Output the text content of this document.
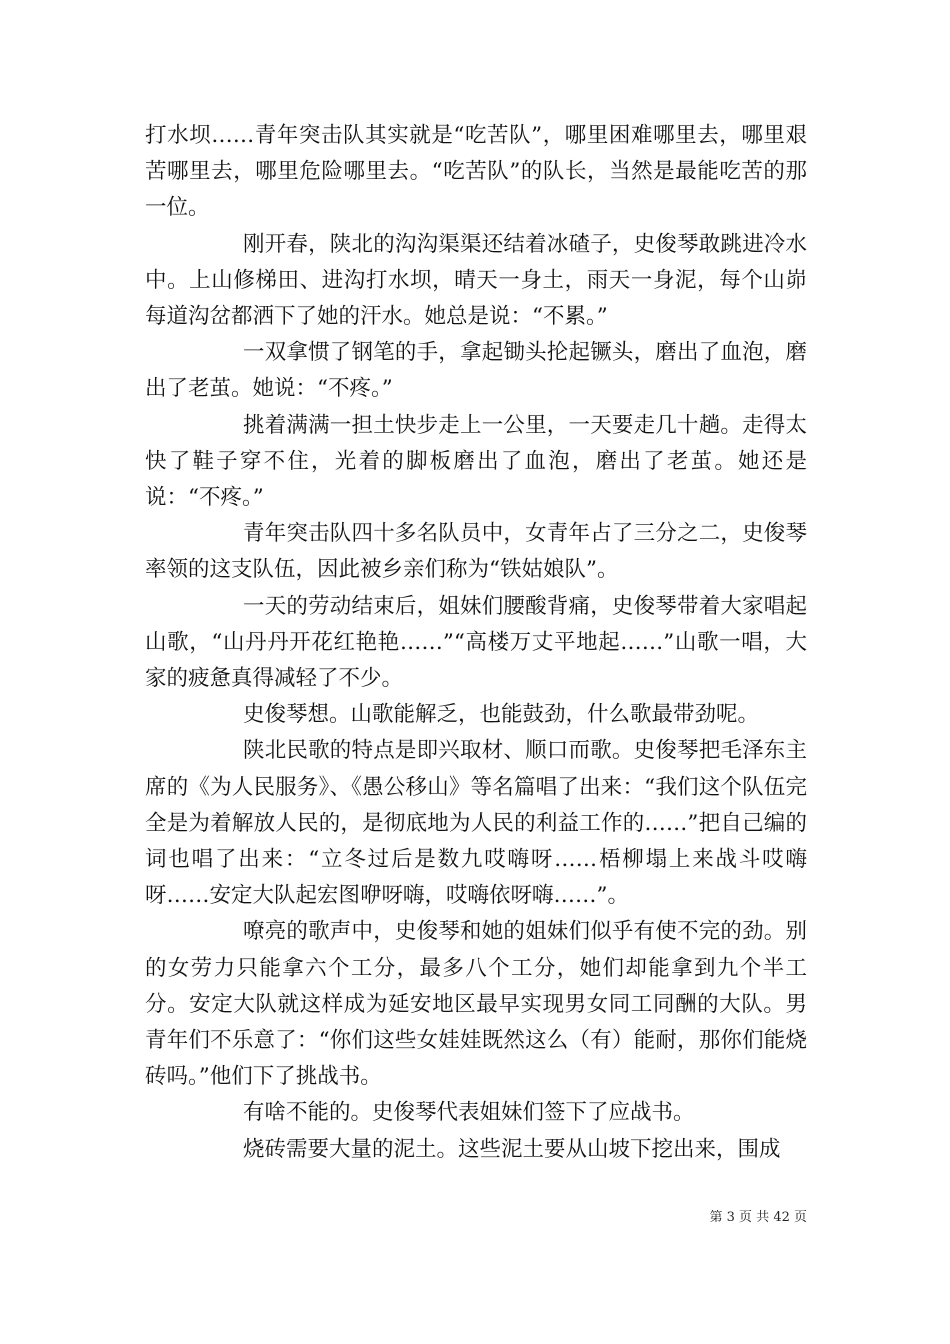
打水坝……青年突击队其实就是“吃苦队”，哪里困难哪里去，哪里艰苦哪里去，哪里危险哪里去。“吃苦队”的队长，当然是最能吃苦的那一位。

刚开春，陕北的沟沟渠渠还结着冰碴子，史俊琴敢跳进冷水中。上山修梯田、进沟打水坝，晴天一身土，雨天一身泥，每个山峁每道沟岔都洒下了她的汗水。她总是说：“不累。”

一双拿惯了钢笔的手，拿起锄头抡起镢头，磨出了血泡，磨出了老茧。她说：“不疼。”

挑着满满一担土快步走上一公里，一天要走几十趟。走得太快了鞋子穿不住，光着的脚板磨出了血泡，磨出了老茧。她还是说：“不疼。”

青年突击队四十多名队员中，女青年占了三分之二，史俊琴率领的这支队伍，因此被乡亲们称为“铁姑娘队”。

一天的劳动结束后，姐妹们腰酸背痛，史俊琴带着大家唱起山歌，“山丹丹开花红艳艳……”“高楼万丈平地起……”山歌一唱，大家的疲惫真得减轻了不少。

史俊琴想。山歌能解乏，也能鼓劲，什么歌最带劲呢。

陕北民歌的特点是即兴取材、顺口而歌。史俊琴把毛泽东主席的《为人民服务》、《愚公移山》等名篇唱了出来：“我们这个队伍完全是为着解放人民的，是彻底地为人民的利益工作的……”把自己编的词也唱了出来：“立冬过后是数九哎嗨呀……梧柳塌上来战斗哎嗨呀……安定大队起宏图咿呀嗨，哎嗨依呀嗨……”。

嘹亮的歌声中，史俊琴和她的姐妹们似乎有使不完的劲。别的女劳力只能拿六个工分，最多八个工分，她们却能拿到九个半工分。安定大队就这样成为延安地区最早实现男女同工同酬的大队。男青年们不乐意了：“你们这些女娃娃既然这么（有）能耐，那你们能烧砖吗。”他们下了挑战书。

有啥不能的。史俊琴代表姐妹们签下了应战书。

烧砖需要大量的泥土。这些泥土要从山坡下挖出来，围成

第 3 页 共 42 页
